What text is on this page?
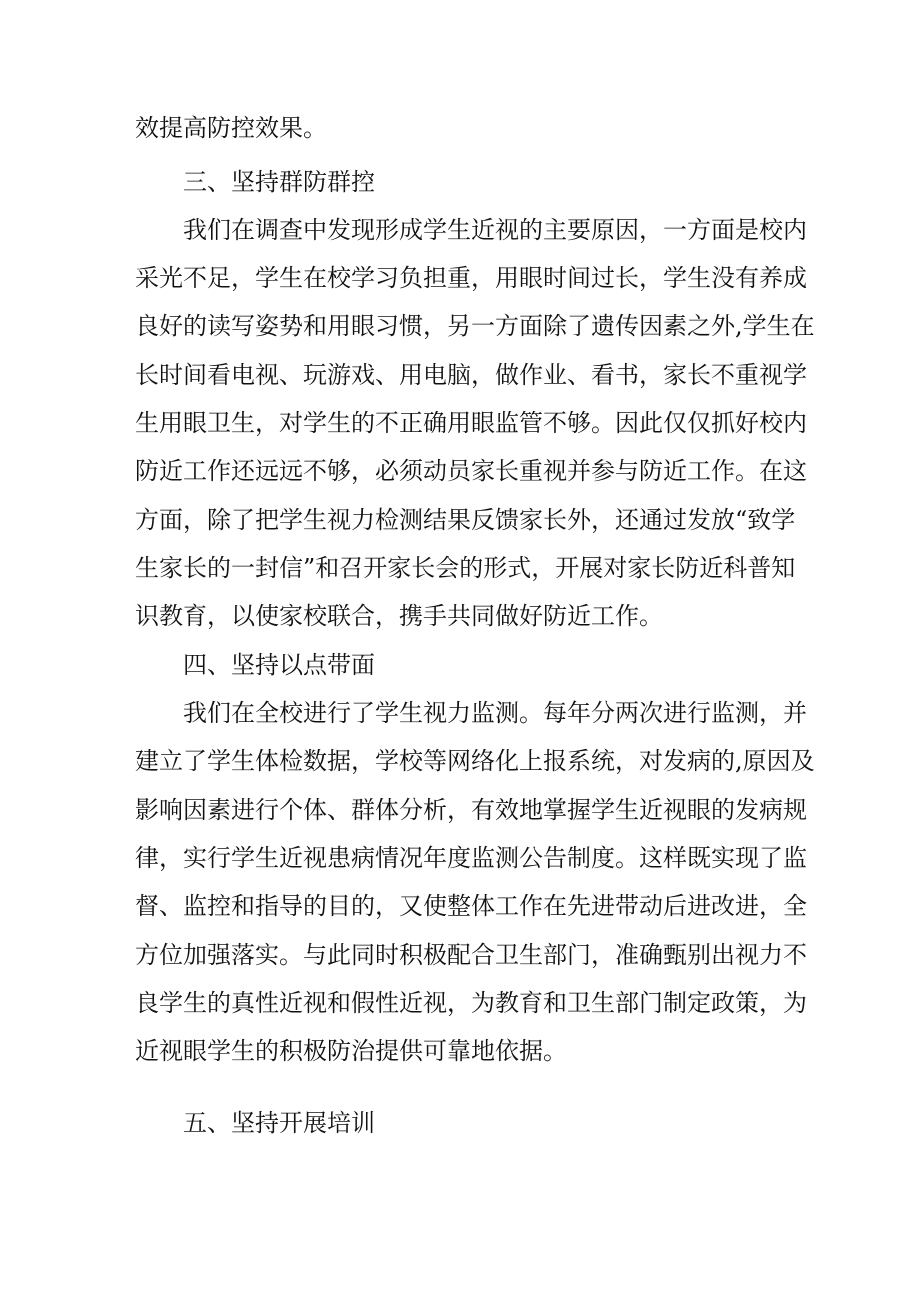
效提高防控效果。
三、坚持群防群控
我们在调查中发现形成学生近视的主要原因，一方面是校内
采光不足，学生在校学习负担重，用眼时间过长，学生没有养成
良好的读写姿势和用眼习惯，另一方面除了遗传因素之外,学生在
长时间看电视、玩游戏、用电脑，做作业、看书，家长不重视学
生用眼卫生，对学生的不正确用眼监管不够。因此仅仅抓好校内
防近工作还远远不够，必须动员家长重视并参与防近工作。在这
方面，除了把学生视力检测结果反馈家长外，还通过发放“致学
生家长的一封信”和召开家长会的形式，开展对家长防近科普知
识教育，以使家校联合，携手共同做好防近工作。
四、坚持以点带面
我们在全校进行了学生视力监测。每年分两次进行监测，并
建立了学生体检数据，学校等网络化上报系统，对发病的,原因及
影响因素进行个体、群体分析，有效地掌握学生近视眼的发病规
律，实行学生近视患病情况年度监测公告制度。这样既实现了监
督、监控和指导的目的，又使整体工作在先进带动后进改进，全
方位加强落实。与此同时积极配合卫生部门，准确甄别出视力不
良学生的真性近视和假性近视，为教育和卫生部门制定政策，为
近视眼学生的积极防治提供可靠地依据。
五、坚持开展培训
